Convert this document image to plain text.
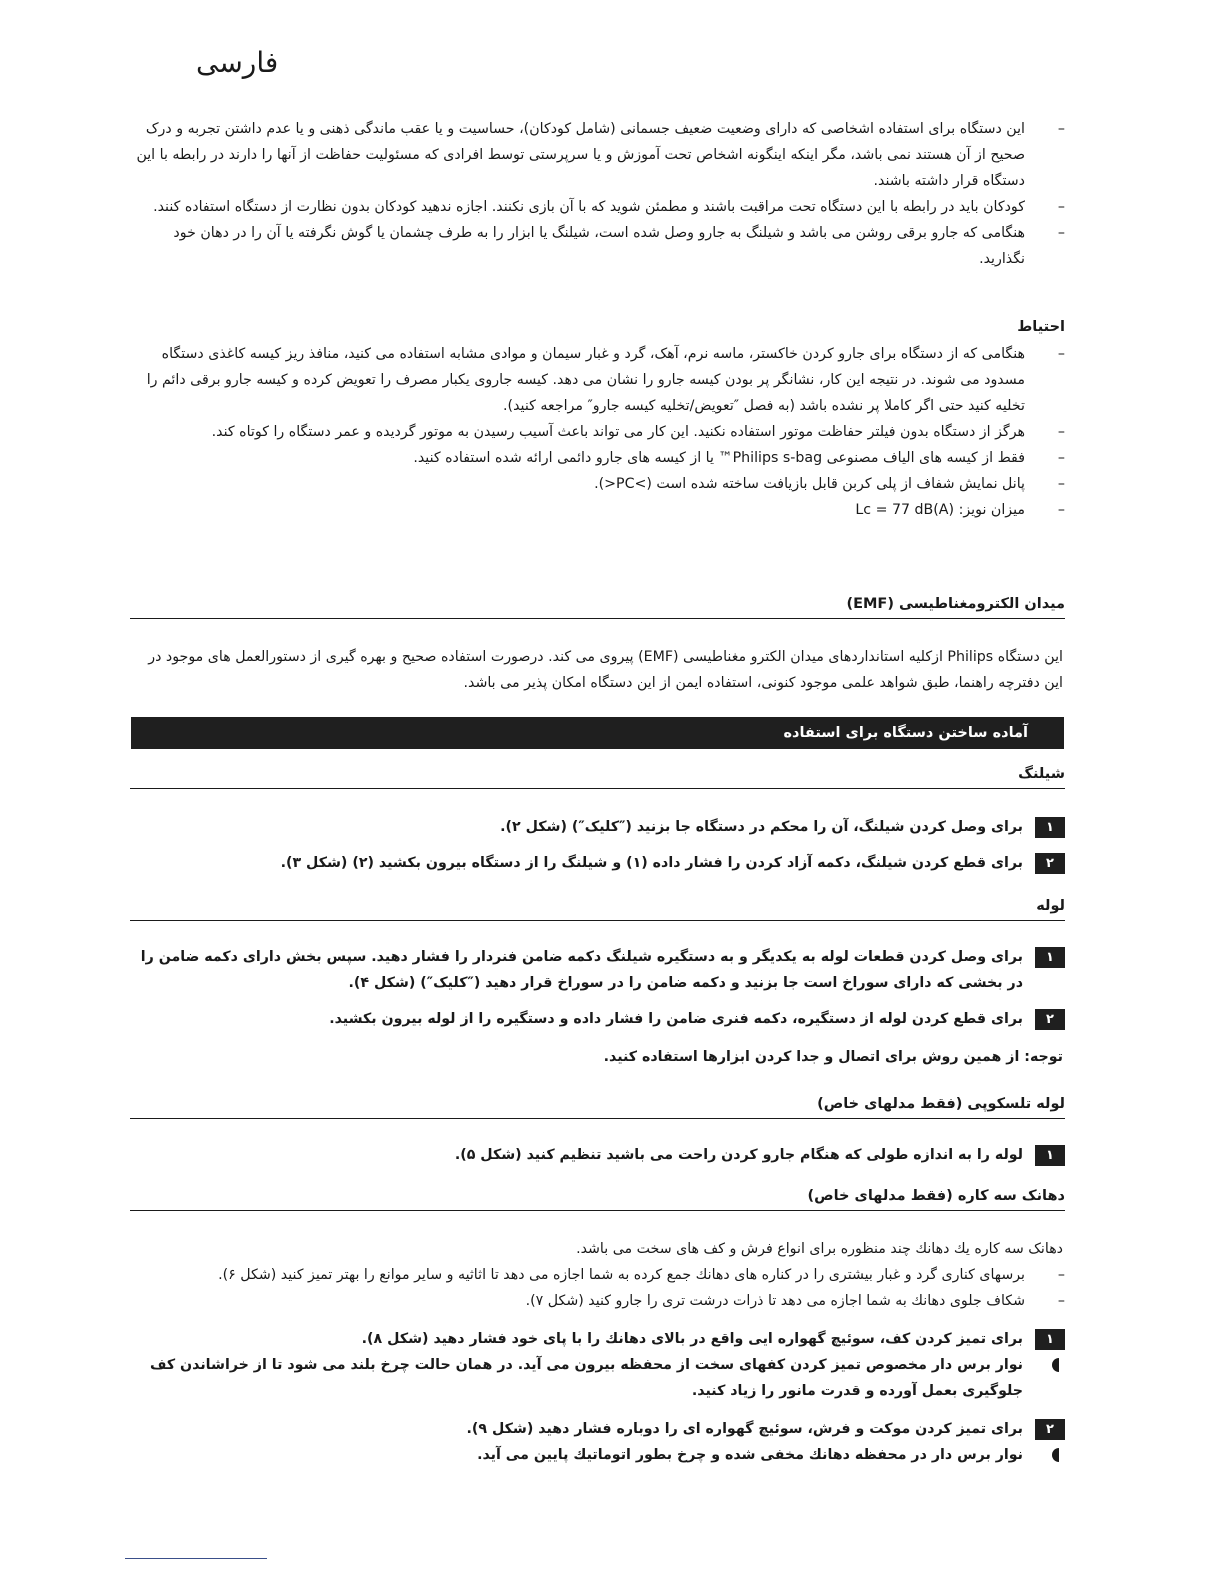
فارسی
– این دستگاه برای استفاده اشخاصی که دارای وضعیت ضعیف جسمانی (شامل کودکان)، حساسیت و یا عقب ماندگی ذهنی و یا عدم داشتن تجربه و درک صحیح از آن هستند نمی باشد، مگر اینکه اینگونه اشخاص تحت آموزش و یا سرپرستی توسط افرادی که مسئولیت حفاظت از آنها را دارند در رابطه با این دستگاه قرار داشته باشند.
– کودکان باید در رابطه با این دستگاه تحت مراقبت باشند و مطمئن شوید که با آن بازی نکنند. اجازه ندهید کودکان بدون نظارت از دستگاه استفاده کنند.
– هنگامی که جارو برقی روشن می باشد و شیلنگ به جارو وصل شده است، شیلنگ یا ابزار را به طرف چشمان یا گوش نگرفته یا آن را در دهان خود نگذارید.
احتیاط
– هنگامی که از دستگاه برای جارو کردن خاکستر، ماسه نرم، آهک، گرد و غبار سیمان و موادی مشابه استفاده می کنید، منافذ ریز کیسه کاغذی دستگاه مسدود می شوند. در نتیجه این کار، نشانگر پر بودن کیسه جارو را نشان می دهد. کیسه جاروی یکبار مصرف را تعویض کرده و کیسه جارو برقی دائم را تخلیه کنید حتی اگر کاملا پر نشده باشد (به فصل ″تعویض/تخلیه کیسه جارو″ مراجعه کنید).
– هرگز از دستگاه بدون فیلتر حفاظت موتور استفاده نکنید. این کار می تواند باعث آسیب رسیدن به موتور گردیده و عمر دستگاه را کوتاه کند.
– فقط از کیسه های الیاف مصنوعی Philips s-bag™ یا از کیسه های جارو دائمی ارائه شده استفاده کنید.
– پانل نمایش شفاف از پلی کربن قابل بازیافت ساخته شده است (>PC<).
– میزان نویز: Lc = 77 dB(A)
میدان الکترومغناطیسی (EMF)

این دستگاه Philips ازکلیه استانداردهای میدان الکترو مغناطیسی (EMF) پیروی می کند. درصورت استفاده صحیح و بهره گیری از دستورالعمل های موجود در این دفترچه راهنما، طبق شواهد علمی موجود کنونی، استفاده ایمن از این دستگاه امکان پذیر می باشد.

آماده ساختن دستگاه برای استفاده
شیلنگ
۱
برای وصل کردن شیلنگ، آن را محکم در دستگاه جا بزنید (″کلیک″) (شکل ۲).
۲
برای قطع کردن شیلنگ، دکمه آزاد کردن را فشار داده (۱) و شیلنگ را از دستگاه بیرون بکشید (۲) (شکل ۳).
لوله
۱
برای وصل کردن قطعات لوله به یکدیگر و به دستگیره شیلنگ دکمه ضامن فنردار را فشار دهید. سپس بخش دارای دکمه ضامن را در بخشی که دارای سوراخ است جا بزنید و دکمه ضامن را در سوراخ قرار دهید (″کلیک″) (شکل ۴).
۲
برای قطع کردن لوله از دستگیره، دکمه فنری ضامن را فشار داده و دستگیره را از لوله بیرون بکشید.

توجه: از همین روش برای اتصال و جدا کردن ابزارها استفاده کنید.

لوله تلسکوپی (فقط مدلهای خاص)
۱
لوله را به اندازه طولی که هنگام جارو کردن راحت می باشید تنظیم کنید (شکل ۵).
دهانک سه کاره (فقط مدلهای خاص)

دهانک سه کاره یك دهانك چند منظوره برای انواع فرش و کف های سخت می باشد.

– برسهای کناری گرد و غبار بیشتری را در کناره های دهانك جمع کرده به شما اجازه می دهد تا اثاثیه و سایر موانع را بهتر تمیز کنید (شکل ۶).
– شکاف جلوی دهانك به شما اجازه می دهد تا ذرات درشت تری را جارو کنید (شکل ۷).
۱
برای تمیز کردن کف، سوئیچ گهواره ایی واقع در بالای دهانك را با پای خود فشار دهید (شکل ۸).
نوار برس دار مخصوص تمیز کردن کفهای سخت از محفظه بیرون می آید. در همان حالت چرخ بلند می شود تا از خراشاندن کف جلوگیری بعمل آورده و قدرت مانور را زیاد کنید.
۲
برای تمیز کردن موکت و فرش، سوئیچ گهواره ای را دوباره فشار دهید (شکل ۹).
نوار برس دار در محفظه دهانك مخفی شده و چرخ بطور اتوماتیك پایین می آید.
